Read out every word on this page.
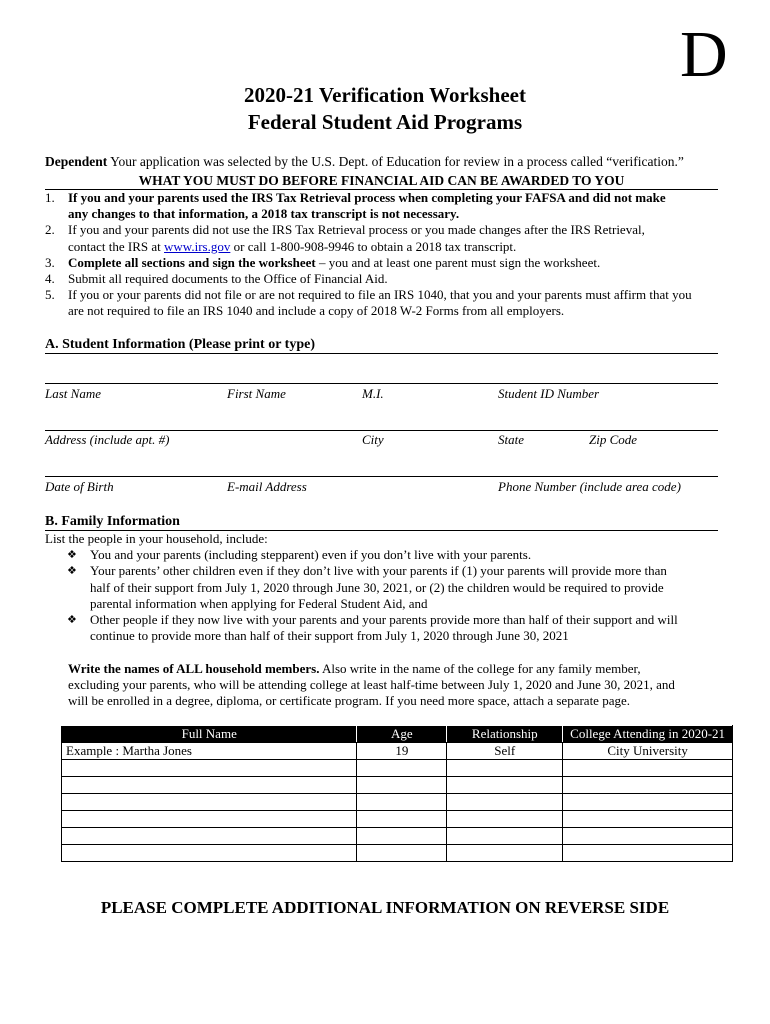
D
2020-21 Verification Worksheet
Federal Student Aid Programs
Dependent Your application was selected by the U.S. Dept. of Education for review in a process called “verification.”
WHAT YOU MUST DO BEFORE FINANCIAL AID CAN BE AWARDED TO YOU
1. If you and your parents used the IRS Tax Retrieval process when completing your FAFSA and did not make
any changes to that information, a 2018 tax transcript is not necessary.
2. If you and your parents did not use the IRS Tax Retrieval process or you made changes after the IRS Retrieval,
contact the IRS at www.irs.gov or call 1-800-908-9946 to obtain a 2018 tax transcript.
3. Complete all sections and sign the worksheet – you and at least one parent must sign the worksheet.
4. Submit all required documents to the Office of Financial Aid.
5. If you or your parents did not file or are not required to file an IRS 1040, that you and your parents must affirm that you
are not required to file an IRS 1040 and include a copy of 2018 W-2 Forms from all employers.
A. Student Information (Please print or type)
Last Name	First Name	M.I.	Student ID Number
Address (include apt. #)	City	State	Zip Code
Date of Birth	E-mail Address	Phone Number (include area code)
B. Family Information
List the people in your household, include:
❖ You and your parents (including stepparent) even if you don’t live with your parents.
❖ Your parents’ other children even if they don’t live with your parents if (1) your parents will provide more than
half of their support from July 1, 2020 through June 30, 2021, or (2) the children would be required to provide
parental information when applying for Federal Student Aid, and
❖ Other people if they now live with your parents and your parents provide more than half of their support and will
continue to provide more than half of their support from July 1, 2020 through June 30, 2021
Write the names of ALL household members. Also write in the name of the college for any family member,
excluding your parents, who will be attending college at least half-time between July 1, 2020 and June 30, 2021, and
will be enrolled in a degree, diploma, or certificate program. If you need more space, attach a separate page.
Full Name	Age	Relationship	College Attending in 2020-21
Example : Martha Jones	19	Self	City University

PLEASE COMPLETE ADDITIONAL INFORMATION ON REVERSE SIDE
